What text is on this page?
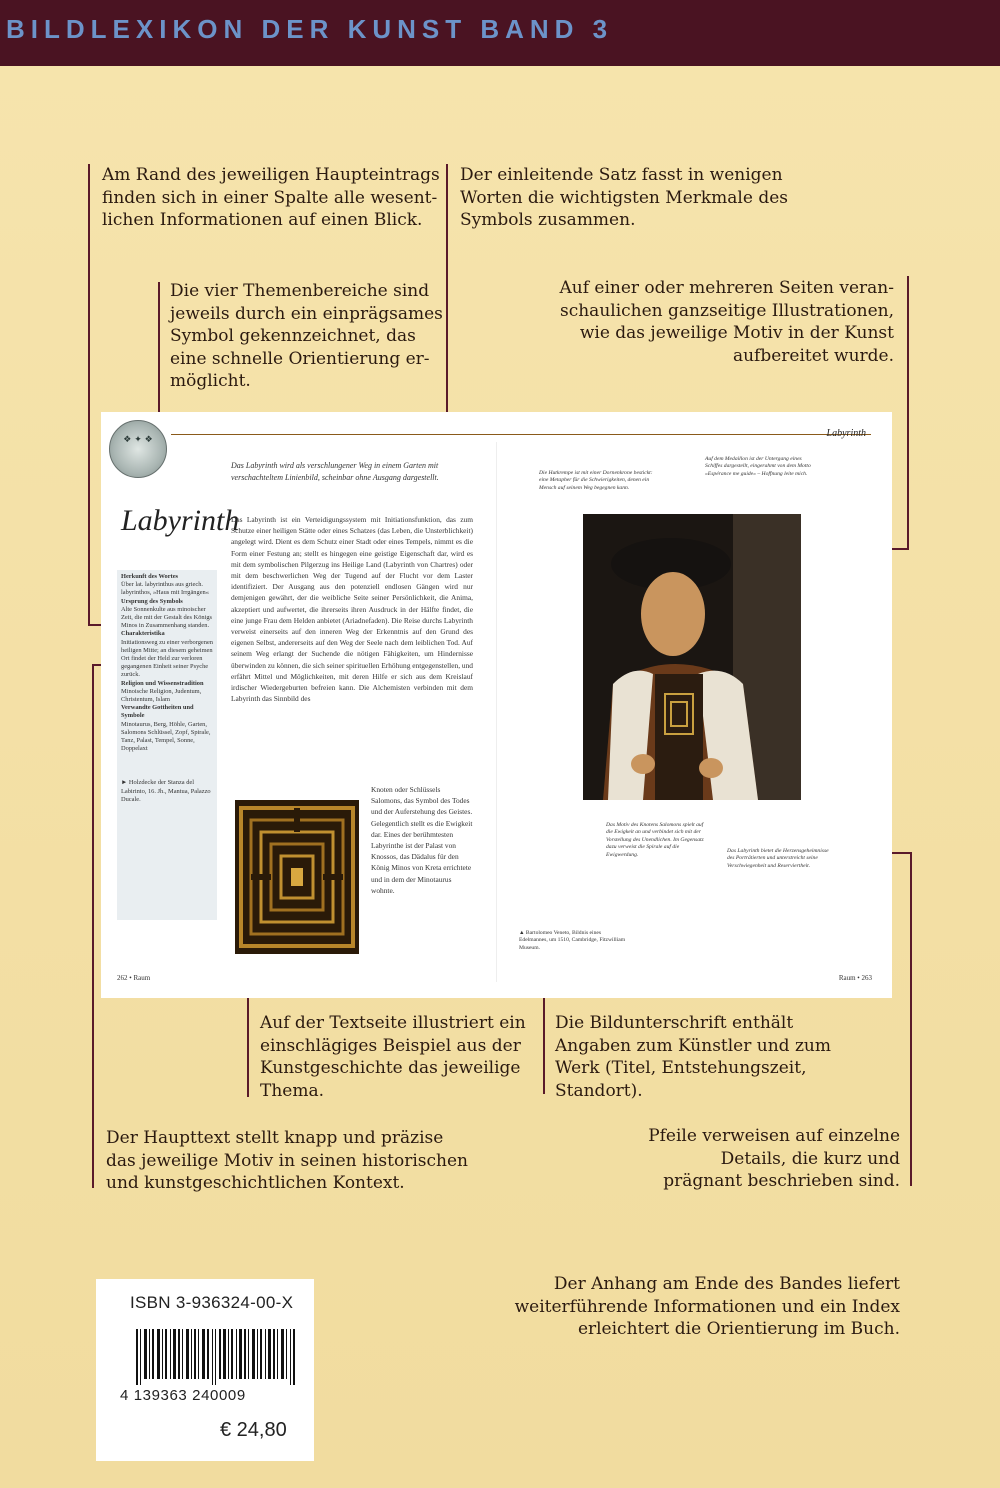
BILDLEXIKON DER KUNST BAND 3
Am Rand des jeweiligen Haupteintrags
finden sich in einer Spalte alle wesent-
lichen Informationen auf einen Blick.
Der einleitende Satz fasst in wenigen
Worten die wichtigsten Merkmale des
Symbols zusammen.
Die vier Themenbereiche sind
jeweils durch ein einprägsames
Symbol gekennzeichnet, das
eine schnelle Orientierung er-
möglicht.
Auf einer oder mehreren Seiten veran-
schaulichen ganzseitige Illustrationen,
wie das jeweilige Motiv in der Kunst
aufbereitet wurde.
Auf der Textseite illustriert ein
einschlägiges Beispiel aus der
Kunstgeschichte das jeweilige
Thema.
Die Bildunterschrift enthält
Angaben zum Künstler und zum
Werk (Titel, Entstehungszeit,
Standort).
Der Haupttext stellt knapp und präzise
das jeweilige Motiv in seinen historischen
und kunstgeschichtlichen Kontext.
Pfeile verweisen auf einzelne
Details, die kurz und
prägnant beschrieben sind.
Der Anhang am Ende des Bandes liefert
weiterführende Informationen und ein Index
erleichtert die Orientierung im Buch.
❖ ✦ ❖
Labyrinth
Das Labyrinth wird als verschlungener Weg in einem Garten mit verschachteltem Linienbild, scheinbar ohne Ausgang dargestellt.
Labyrinth
Herkunft des Wortes
Über lat. labyrinthus aus griech. labyrinthos, »Haus mit Irrgängen«
Ursprung des Symbols
Alte Sonnenkulte aus minoischer Zeit, die mit der Gestalt des Königs Minos in Zusammenhang standen.
Charakteristika
Initiationsweg zu einer verborgenen heiligen Mitte; an diesem geheimen Ort findet der Held zur verloren gegangenen Einheit seiner Psyche zurück.
Religion und Wissenstradition
Minoische Religion, Judentum, Christentum, Islam
Verwandte Gottheiten und Symbole
Minotaurus, Berg, Höhle, Garten, Salomons Schlüssel, Zopf, Spirale, Tanz, Palast, Tempel, Sonne, Doppelaxt
► Holzdecke der Stanza del Labirinto, 16. Jh., Mantua, Palazzo Ducale.
Das Labyrinth ist ein Verteidigungssystem mit Initiationsfunktion, das zum Schutze einer heiligen Stätte oder eines Schatzes (das Leben, die Unsterblichkeit) angelegt wird. Dient es dem Schutz einer Stadt oder eines Tempels, nimmt es die Form einer Festung an; stellt es hingegen eine geistige Eigenschaft dar, wird es mit dem symbolischen Pilgerzug ins Heilige Land (Labyrinth von Chartres) oder mit dem beschwerlichen Weg der Tugend auf der Flucht vor dem Laster identifiziert. Der Ausgang aus den potenziell endlosen Gängen wird nur demjenigen gewährt, der die weibliche Seite seiner Persönlichkeit, die Anima, akzeptiert und aufwertet, die ihrerseits ihren Ausdruck in der Hälfte findet, die eine junge Frau dem Helden anbietet (Ariadnefaden). Die Reise durchs Labyrinth verweist einerseits auf den inneren Weg der Erkenntnis auf den Grund des eigenen Selbst, andererseits auf den Weg der Seele nach dem leiblichen Tod. Auf seinem Weg erlangt der Suchende die nötigen Fähigkeiten, um Hindernisse überwinden zu können, die sich seiner spirituellen Erhöhung entgegenstellen, und erfährt Mittel und Möglichkeiten, mit deren Hilfe er sich aus dem Kreislauf irdischer Wiedergeburten befreien kann. Die Alchemisten verbinden mit dem Labyrinth das Sinnbild des
Knoten oder Schlüssels Salomons, das Symbol des Todes und der Auferstehung des Geistes. Gelegentlich stellt es die Ewigkeit dar. Eines der berühmtesten Labyrinthe ist der Palast von Knossos, das Dädalus für den König Minos von Kreta errichtete und in dem der Minotaurus wohnte.
Die Hutkrempe ist mit einer Dornenkrone bestickt: eine Metapher für die Schwierigkeiten, denen ein Mensch auf seinem Weg begegnen kann.
Auf dem Medaillon ist der Untergang eines Schiffes dargestellt, eingerahmt von dem Motto »Espérance me guide« – Hoffnung leite mich.
Das Motiv des Knotens Salomons spielt auf die Ewigkeit an und verbindet sich mit der Vorstellung des Unendlichen. Im Gegensatz dazu verweist die Spirale auf die Ewigwerdung.
Das Labyrinth bietet die Herzensgeheimnisse des Porträtierten und unterstreicht seine Verschwiegenheit und Reserviertheit.
▲ Bartolomeo Veneto, Bildnis eines Edelmannes, um 1510, Cambridge, Fitzwilliam Museum.
262 • Raum	Raum • 263
ISBN 3-936324-00-X
4 139363 240009
€ 24,80
